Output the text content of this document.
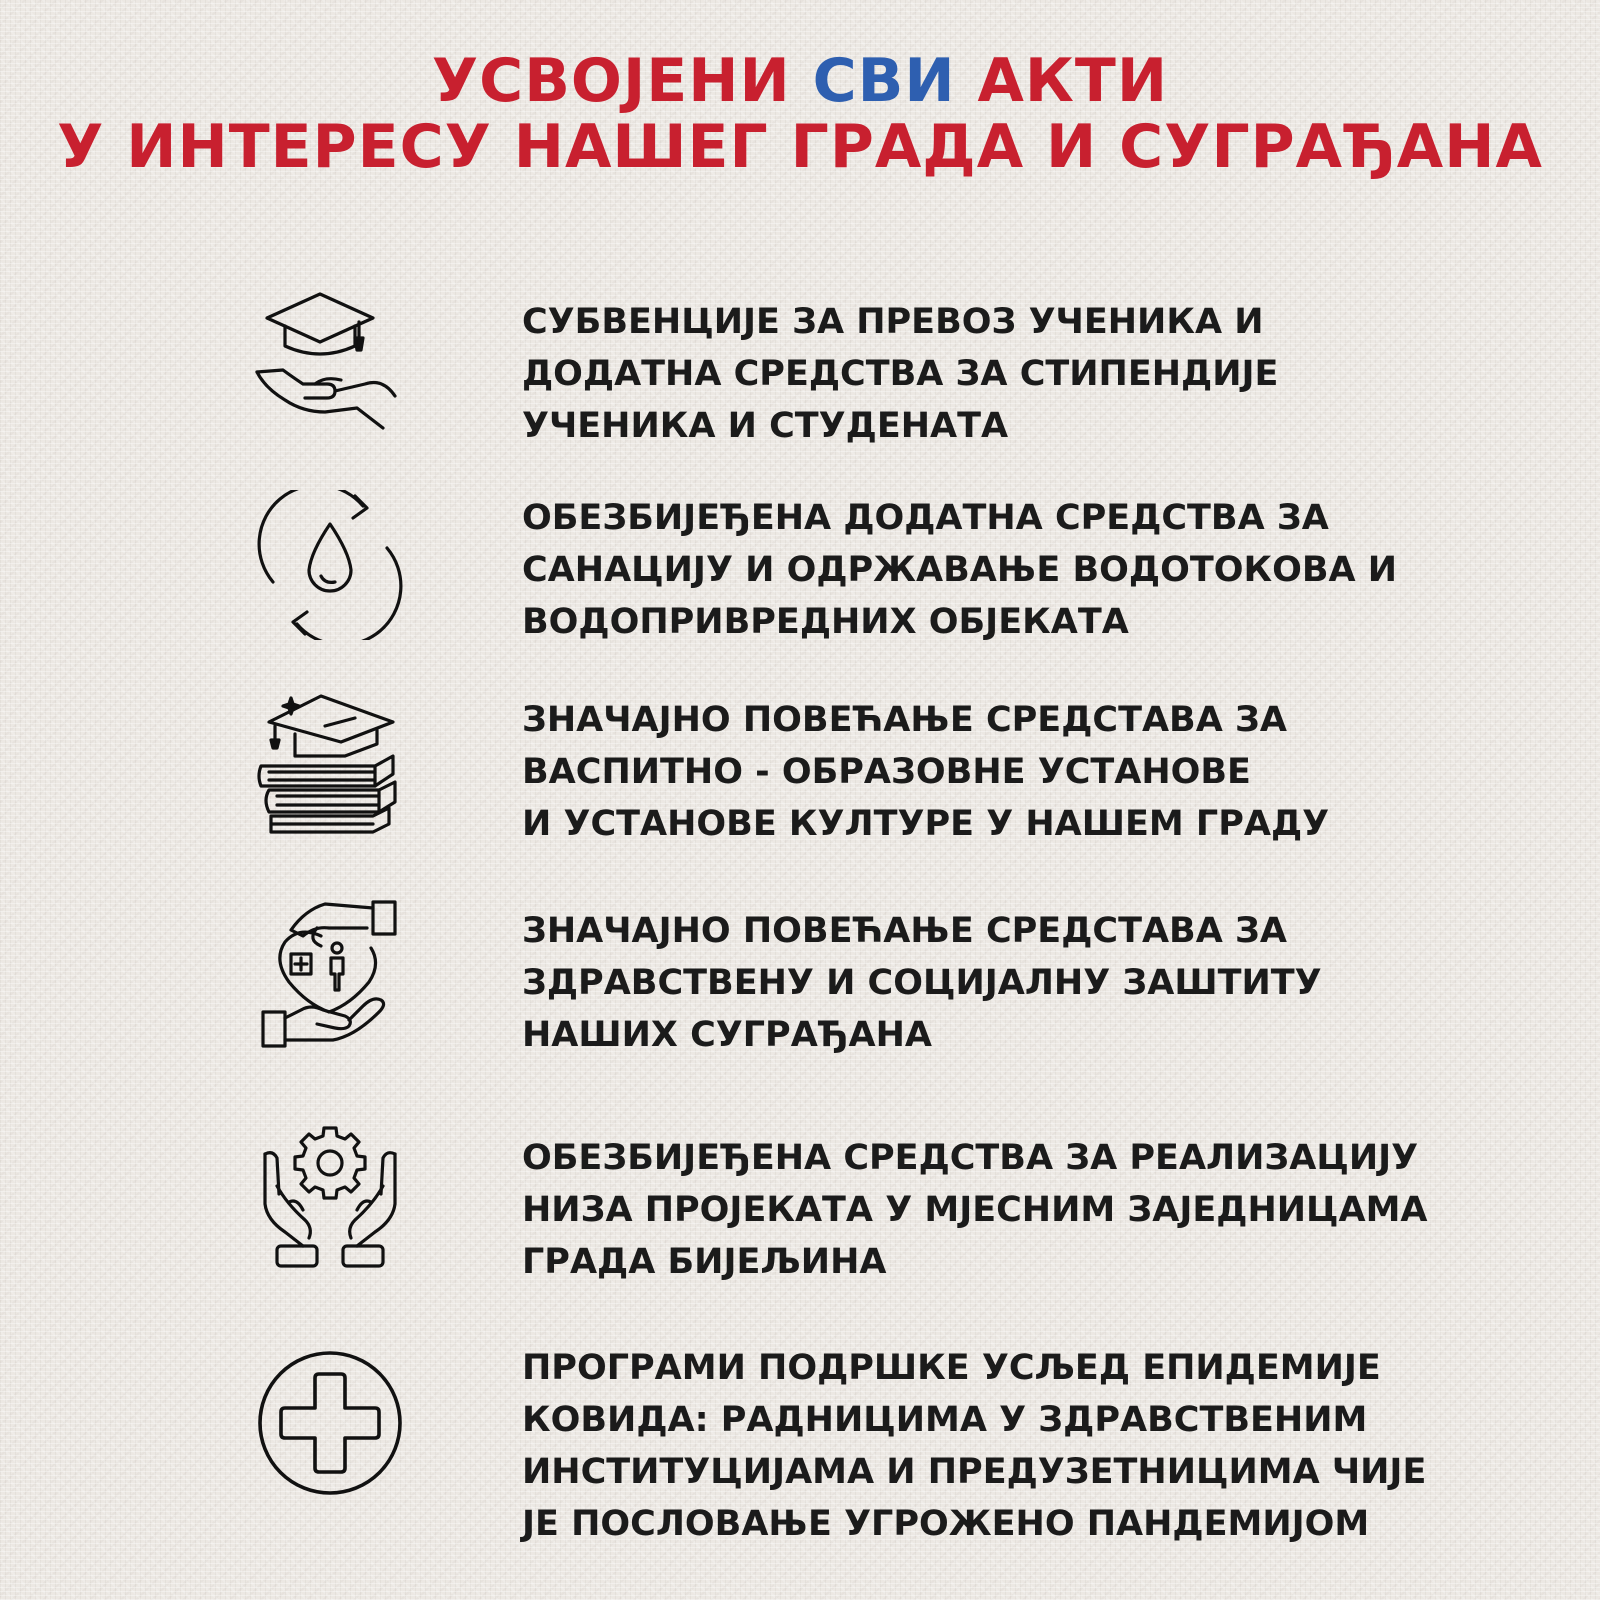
УСВОЈЕНИ СВИ АКТИ
У ИНТЕРЕСУ НАШЕГ ГРАДА И СУГРАЂАНА
СУБВЕНЦИЈЕ ЗА ПРЕВОЗ УЧЕНИКА И
ДОДАТНА СРЕДСТВА ЗА СТИПЕНДИЈЕ
УЧЕНИКА И СТУДЕНАТА
ОБЕЗБИЈЕЂЕНА ДОДАТНА СРЕДСТВА ЗА
САНАЦИЈУ И ОДРЖАВАЊЕ ВОДОТОКОВА И
ВОДОПРИВРЕДНИХ ОБЈЕКАТА
ЗНАЧАЈНО ПОВЕЋАЊЕ СРЕДСТАВА ЗА
ВАСПИТНО - ОБРАЗОВНЕ УСТАНОВЕ
И УСТАНОВЕ КУЛТУРЕ У НАШЕМ ГРАДУ
ЗНАЧАЈНО ПОВЕЋАЊЕ СРЕДСТАВА ЗА
ЗДРАВСТВЕНУ И СОЦИЈАЛНУ ЗАШТИТУ
НАШИХ СУГРАЂАНА
ОБЕЗБИЈЕЂЕНА СРЕДСТВА ЗА РЕАЛИЗАЦИЈУ
НИЗА ПРОЈЕКАТА У МЈЕСНИМ ЗАЈЕДНИЦАМА
ГРАДА БИЈЕЉИНА
ПРОГРАМИ ПОДРШКЕ УСЉЕД ЕПИДЕМИЈЕ
КОВИДА: РАДНИЦИМА У ЗДРАВСТВЕНИМ
ИНСТИТУЦИЈАМА И ПРЕДУЗЕТНИЦИМА ЧИЈЕ
ЈЕ ПОСЛОВАЊЕ УГРОЖЕНО ПАНДЕМИЈОМ
